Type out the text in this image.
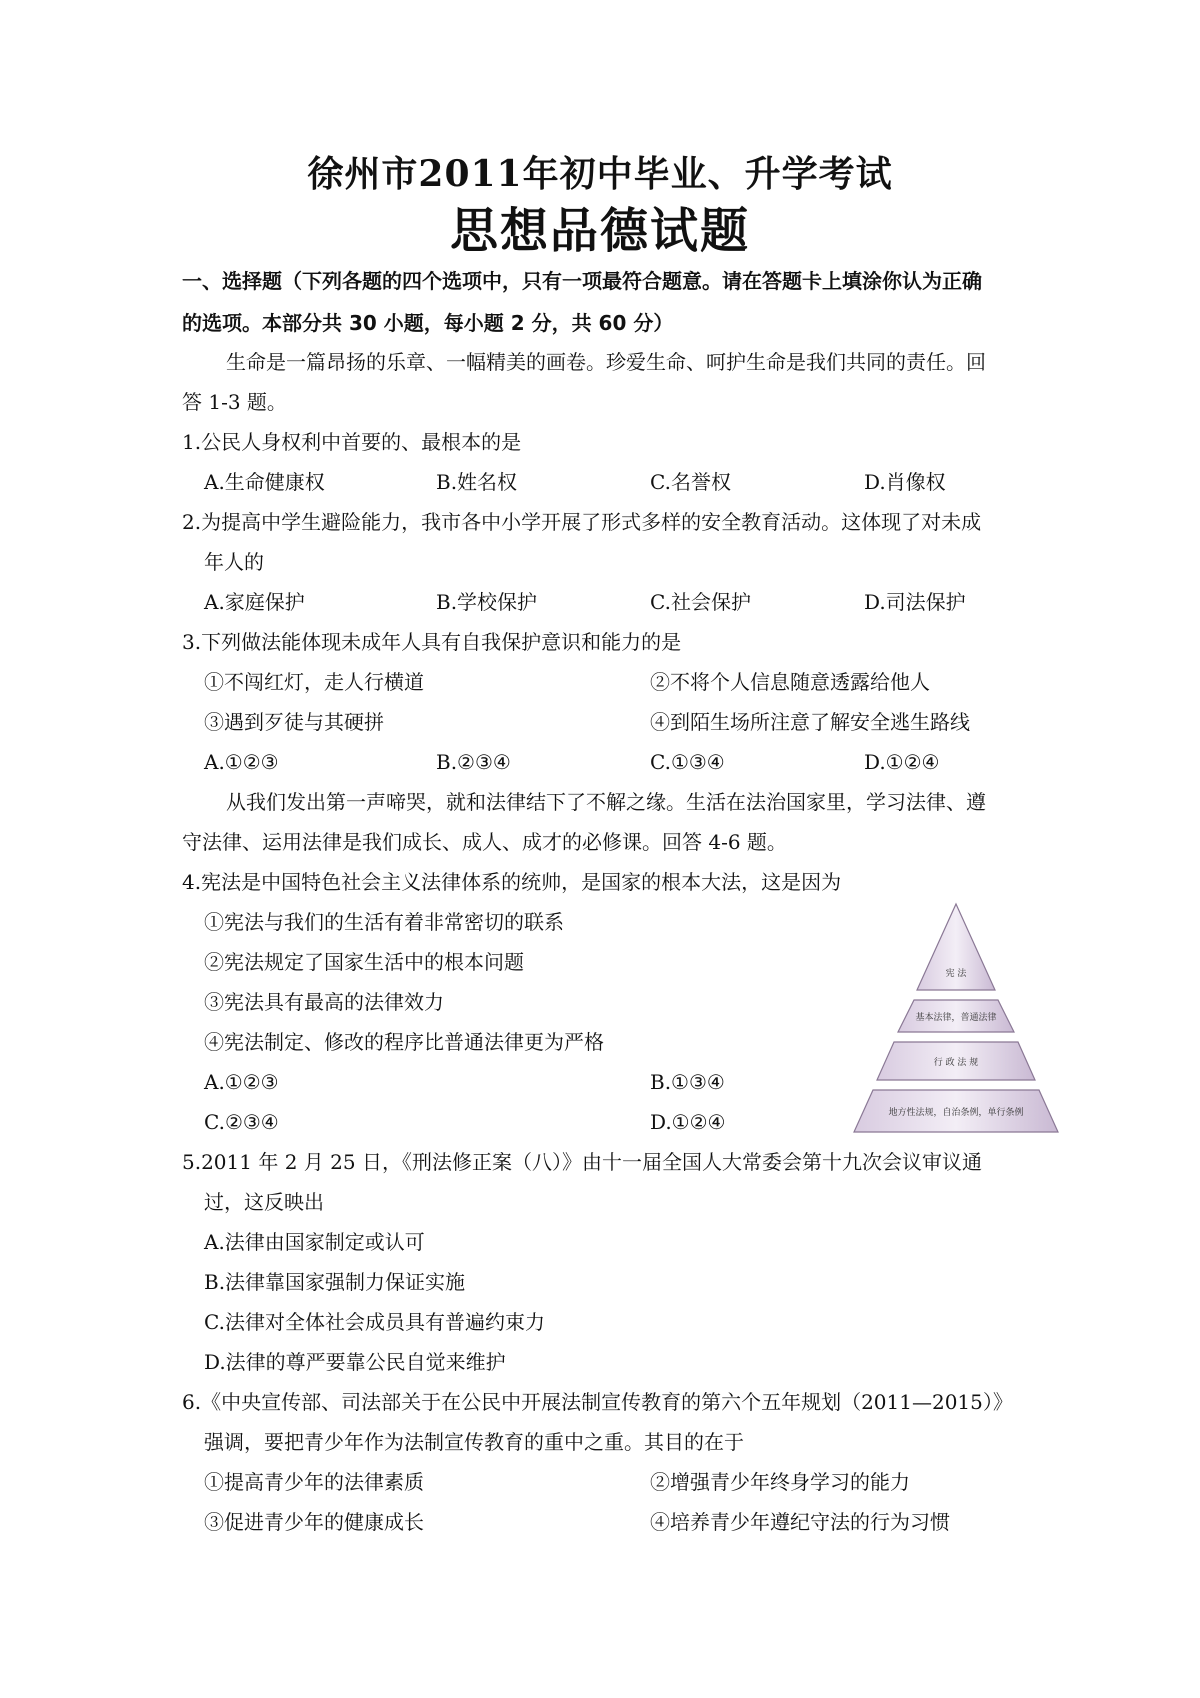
徐州市2011年初中毕业、升学考试
思想品德试题
一、选择题（下列各题的四个选项中，只有一项最符合题意。请在答题卡上填涂你认为正确
的选项。本部分共 30 小题，每小题 2 分，共 60 分）
生命是一篇昂扬的乐章、一幅精美的画卷。珍爱生命、呵护生命是我们共同的责任。回
答 1-3 题。
1.公民人身权利中首要的、最根本的是
A.生命健康权	B.姓名权	C.名誉权	D.肖像权
2.为提高中学生避险能力，我市各中小学开展了形式多样的安全教育活动。这体现了对未成
年人的
A.家庭保护	B.学校保护	C.社会保护	D.司法保护
3.下列做法能体现未成年人具有自我保护意识和能力的是
①不闯红灯，走人行横道	②不将个人信息随意透露给他人
③遇到歹徒与其硬拼	④到陌生场所注意了解安全逃生路线
A.①②③	B.②③④	C.①③④	D.①②④
从我们发出第一声啼哭，就和法律结下了不解之缘。生活在法治国家里，学习法律、遵
守法律、运用法律是我们成长、成人、成才的必修课。回答 4-6 题。
4.宪法是中国特色社会主义法律体系的统帅，是国家的根本大法，这是因为
①宪法与我们的生活有着非常密切的联系
②宪法规定了国家生活中的根本问题
③宪法具有最高的法律效力
④宪法制定、修改的程序比普通法律更为严格
A.①②③	B.①③④
C.②③④	D.①②④
宪 法
基本法律，普通法律
行 政 法 规
地方性法规，自治条例，单行条例
5.2011 年 2 月 25 日，《刑法修正案（八）》由十一届全国人大常委会第十九次会议审议通
过，这反映出
A.法律由国家制定或认可
B.法律靠国家强制力保证实施
C.法律对全体社会成员具有普遍约束力
D.法律的尊严要靠公民自觉来维护
6.《中央宣传部、司法部关于在公民中开展法制宣传教育的第六个五年规划（2011—2015）》
强调，要把青少年作为法制宣传教育的重中之重。其目的在于
①提高青少年的法律素质	②增强青少年终身学习的能力
③促进青少年的健康成长	④培养青少年遵纪守法的行为习惯
